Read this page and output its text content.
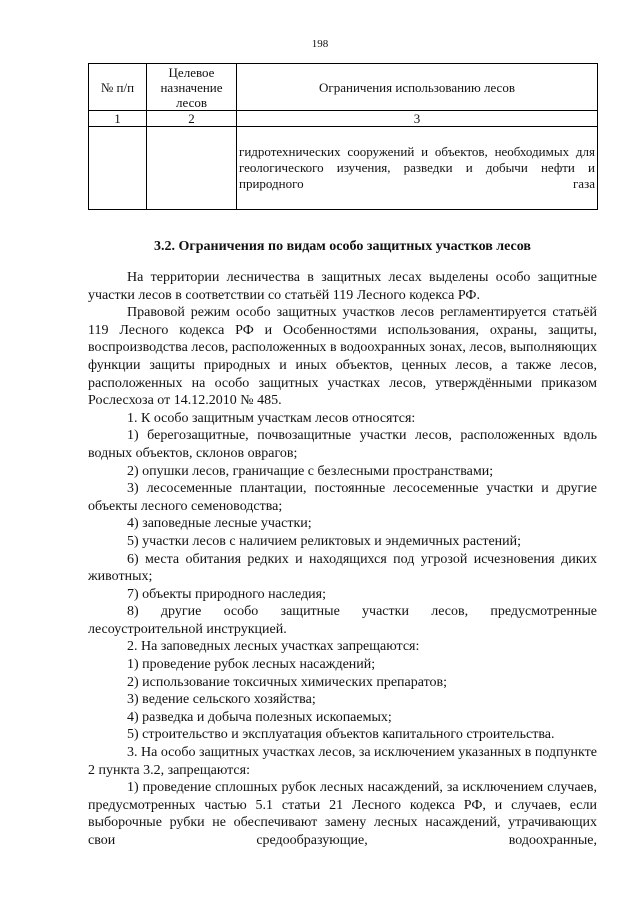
198
№ п/п	Целевое назначение лесов	Ограничения использованию лесов
1	2	3

		гидротехнических сооружений и объектов, необходимых для геологического изучения, разведки и добычи нефти и природного газа
3.2. Ограничения по видам особо защитных участков лесов

На территории лесничества в защитных лесах выделены особо защитные участки лесов в соответствии со статьёй 119 Лесного кодекса РФ.

Правовой режим особо защитных участков лесов регламентируется статьёй 119 Лесного кодекса РФ и Особенностями использования, охраны, защиты, воспроизводства лесов, расположенных в водоохранных зонах, лесов, выполняющих функции защиты природных и иных объектов, ценных лесов, а также лесов, расположенных на особо защитных участках лесов, утверждёнными приказом Рослесхоза от 14.12.2010 № 485.

1. К особо защитным участкам лесов относятся:

1) берегозащитные, почвозащитные участки лесов, расположенных вдоль водных объектов, склонов оврагов;

2) опушки лесов, граничащие с безлесными пространствами;

3) лесосеменные плантации, постоянные лесосеменные участки и другие объекты лесного семеноводства;

4) заповедные лесные участки;

5) участки лесов с наличием реликтовых и эндемичных растений;

6) места обитания редких и находящихся под угрозой исчезновения диких животных;

7) объекты природного наследия;

8) другие особо защитные участки лесов, предусмотренные лесоустроительной инструкцией.

2. На заповедных лесных участках запрещаются:

1) проведение рубок лесных насаждений;

2) использование токсичных химических препаратов;

3) ведение сельского хозяйства;

4) разведка и добыча полезных ископаемых;

5) строительство и эксплуатация объектов капитального строительства.

3. На особо защитных участках лесов, за исключением указанных в подпункте 2 пункта 3.2, запрещаются:

1) проведение сплошных рубок лесных насаждений, за исключением случаев, предусмотренных частью 5.1 статьи 21 Лесного кодекса РФ, и случаев, если выборочные рубки не обеспечивают замену лесных насаждений, утрачивающих свои средообразующие, водоохранные,
